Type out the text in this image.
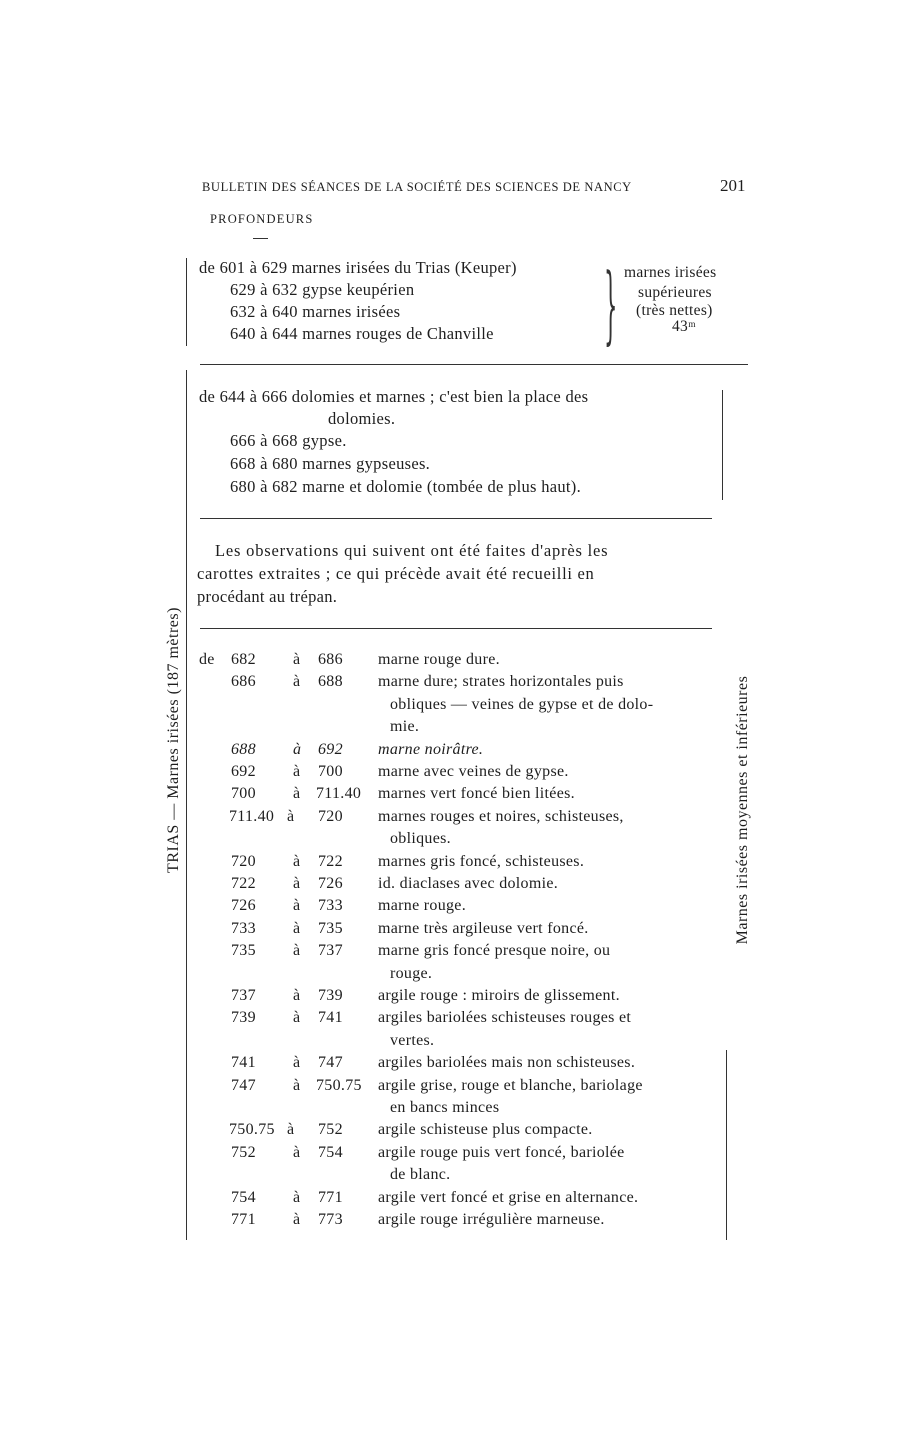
BULLETIN DES SÉANCES DE LA SOCIÉTÉ DES SCIENCES DE NANCY	201
PROFONDEURS
de 601 à 629 marnes irisées du Trias (Keuper)
629 à 632 gypse keupérien
632 à 640 marnes irisées
640 à 644 marnes rouges de Chanville } marnes irisées
supérieures
(très nettes)
43ᵐ
de 644 à 666 dolomies et marnes ; c'est bien la place des
dolomies.
666 à 668 gypse.
668 à 680 marnes gypseuses.
680 à 682 marne et dolomie (tombée de plus haut).
Les observations qui suivent ont été faites d'après les
carottes extraites ; ce qui précède avait été recueilli en
procédant au trépan.
TRIAS — Marnes irisées (187 mètres)	Marnes irisées moyennes et inférieures
de 682 à 686 marne rouge dure.
686 à 688 marne dure; strates horizontales puis
obliques — veines de gypse et de dolo-
mie.
688 à 692 marne noirâtre.
692 à 700 marne avec veines de gypse.
700 à 711.40 marnes vert foncé bien litées.
711.40 à 720 marnes rouges et noires, schisteuses,
obliques.
720 à 722 marnes gris foncé, schisteuses.
722 à 726 id. diaclases avec dolomie.
726 à 733 marne rouge.
733 à 735 marne très argileuse vert foncé.
735 à 737 marne gris foncé presque noire, ou
rouge.
737 à 739 argile rouge : miroirs de glissement.
739 à 741 argiles bariolées schisteuses rouges et
vertes.
741 à 747 argiles bariolées mais non schisteuses.
747 à 750.75 argile grise, rouge et blanche, bariolage
en bancs minces
750.75 à 752 argile schisteuse plus compacte.
752 à 754 argile rouge puis vert foncé, bariolée
de blanc.
754 à 771 argile vert foncé et grise en alternance.
771 à 773 argile rouge irrégulière marneuse.
